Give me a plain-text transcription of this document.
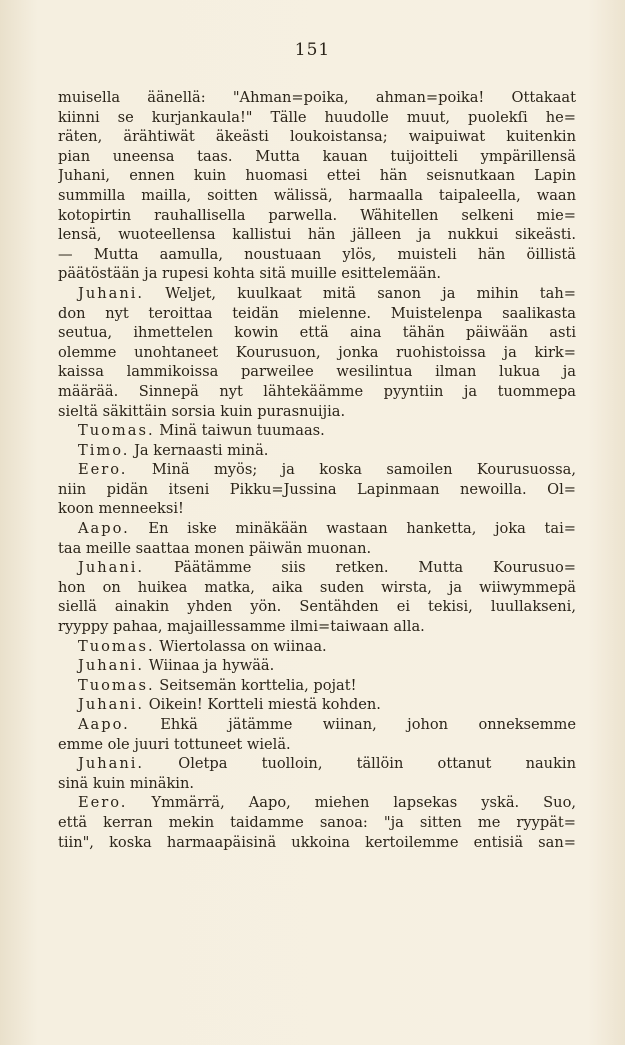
151
muisella äänellä: "Ahman=poika, ahman=poika! Ottakaat
kiinni se kurjankaula!" Tälle huudolle muut, puolekſi he=
räten, ärähtiwät äkeästi loukoistansa; waipuiwat kuitenkin
pian uneensa taas. Mutta kauan tuijoitteli ympärillensä
Juhani, ennen kuin huomasi ettei hän seisnutkaan Lapin
summilla mailla, soitten wälissä, harmaalla taipaleella, waan
kotopirtin rauhallisella parwella. Wähitellen selkeni mie=
lensä, wuoteellensa kallistui hän jälleen ja nukkui sikeästi.
— Mutta aamulla, noustuaan ylös, muisteli hän öillistä
päätöstään ja rupesi kohta sitä muille esittelemään.
Juhani. Weljet, kuulkaat mitä sanon ja mihin tah=
don nyt teroittaa teidän mielenne. Muistelenpa saalikasta
seutua, ihmettelen kowin että aina tähän päiwään asti
olemme unohtaneet Kourusuon, jonka ruohistoissa ja kirk=
kaissa lammikoissa parweilee wesilintua ilman lukua ja
määrää. Sinnepä nyt lähtekäämme pyyntiin ja tuommepa
sieltä säkittäin sorsia kuin purasnuijia.
Tuomas. Minä taiwun tuumaas.
Timo. Ja kernaasti minä.
Eero. Minä myös; ja koska samoilen Kourusuossa,
niin pidän itseni Pikku=Jussina Lapinmaan newoilla. Ol=
koon menneeksi!
Aapo. En iske minäkään wastaan hanketta, joka tai=
taa meille saattaa monen päiwän muonan.
Juhani. Päätämme siis retken. Mutta Kourusuo=
hon on huikea matka, aika suden wirsta, ja wiiwymmepä
siellä ainakin yhden yön. Sentähden ei tekisi, luullakseni,
ryyppy pahaa, majaillessamme ilmi=taiwaan alla.
Tuomas. Wiertolassa on wiinaa.
Juhani. Wiinaa ja hywää.
Tuomas. Seitsemän korttelia, pojat!
Juhani. Oikein! Kortteli miestä kohden.
Aapo. Ehkä jätämme wiinan, johon onneksemme
emme ole juuri tottuneet wielä.
Juhani. Oletpa tuolloin, tällöin ottanut naukin
sinä kuin minäkin.
Eero. Ymmärrä, Aapo, miehen lapsekas yskä. Suo,
että kerran mekin taidamme sanoa: "ja sitten me ryypät=
tiin", koska harmaapäisinä ukkoina kertoilemme entisiä san=
